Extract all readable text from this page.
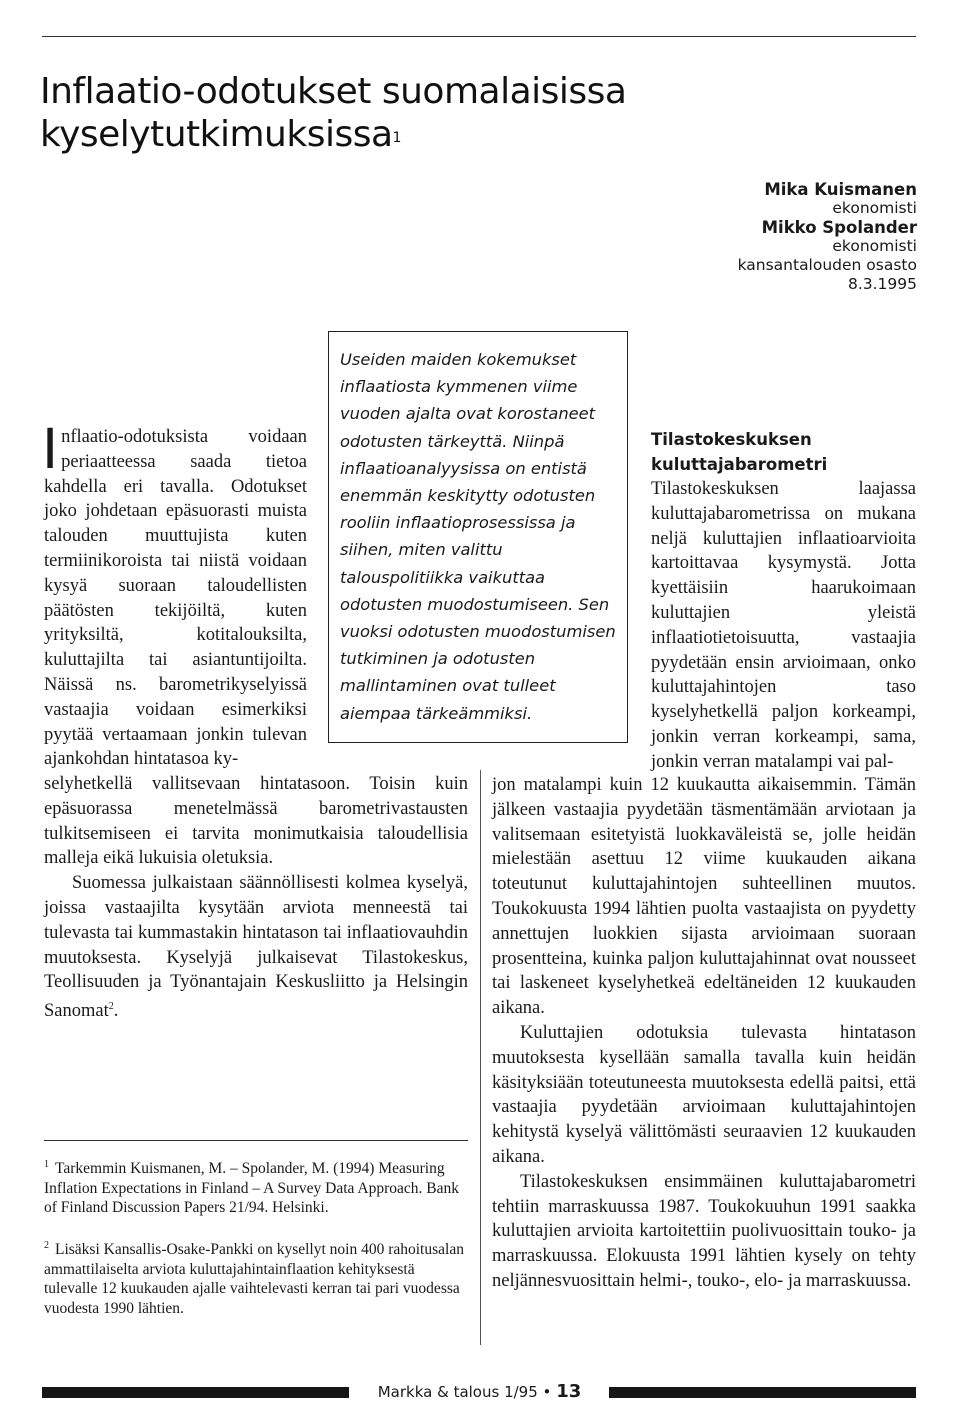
Inflaatio-odotukset suomalaisissa
kyselytutkimuksissa$^1$
Mika Kuismanen
ekonomisti
Mikko Spolander
ekonomisti
kansantalouden osasto
8.3.1995

I nflaatio-odotuksista voidaan periaatteessa saada tietoa kahdella eri tavalla. Odotukset joko johdetaan epäsuorasti muista talouden muuttujista kuten termiinikoroista tai niistä voidaan kysyä suoraan taloudellisten päätösten tekijöiltä, kuten yrityksiltä, kotitalouksilta, kuluttajilta tai asiantuntijoilta. Näissä ns. barometrikyselyissä vastaajia voidaan esimerkiksi pyytää vertaamaan jonkin tulevan ajankohdan hintatasoa ky-

selyhetkellä vallitsevaan hintatasoon. Toisin kuin epäsuorassa menetelmässä barometrivastausten tulkitsemiseen ei tarvita monimutkaisia taloudellisia malleja eikä lukuisia oletuksia.

Suomessa julkaistaan säännöllisesti kolmea kyselyä, joissa vastaajilta kysytään arviota menneestä tai tulevasta tai kummastakin hintatason tai inflaatiovauhdin muutoksesta. Kyselyjä julkaisevat Tilastokeskus, Teollisuuden ja Työnantajain Keskusliitto ja Helsingin Sanomat$^2$.

Useiden maiden kokemukset inflaatiosta kymmenen viime vuoden ajalta ovat korostaneet odotusten tärkeyttä. Niinpä inflaatioanalyysissa on entistä enemmän keskitytty odotusten rooliin inflaatioprosessissa ja siihen, miten valittu talouspolitiikka vaikuttaa odotusten muodostumiseen. Sen vuoksi odotusten muodostumisen tutkiminen ja odotusten mallintaminen ovat tulleet aiempaa tärkeämmiksi.

Tilastokeskuksen
kuluttajabarometri

Tilastokeskuksen laajassa kuluttajabarometrissa on mukana neljä kuluttajien inflaatioarvioita kartoittavaa kysymystä. Jotta kyettäisiin haarukoimaan kuluttajien yleistä inflaatiotietoisuutta, vastaajia pyydetään ensin arvioimaan, onko kuluttajahintojen taso kyselyhetkellä paljon korkeampi, jonkin verran korkeampi, sama, jonkin verran matalampi vai pal-

jon matalampi kuin 12 kuukautta aikaisemmin. Tämän jälkeen vastaajia pyydetään täsmentämään arviotaan ja valitsemaan esitetyistä luokkaväleistä se, jolle heidän mielestään asettuu 12 viime kuukauden aikana toteutunut kuluttajahintojen suhteellinen muutos. Toukokuusta 1994 lähtien puolta vastaajista on pyydetty annettujen luokkien sijasta arvioimaan suoraan prosentteina, kuinka paljon kuluttajahinnat ovat nousseet tai laskeneet kyselyhetkeä edeltäneiden 12 kuukauden aikana.

Kuluttajien odotuksia tulevasta hintatason muutoksesta kysellään samalla tavalla kuin heidän käsityksiään toteutuneesta muutoksesta edellä paitsi, että vastaajia pyydetään arvioimaan kuluttajahintojen kehitystä kyselyä välittömästi seuraavien 12 kuukauden aikana.

Tilastokeskuksen ensimmäinen kuluttajabarometri tehtiin marraskuussa 1987. Toukokuuhun 1991 saakka kuluttajien arvioita kartoitettiin puolivuosittain touko- ja marraskuussa. Elokuusta 1991 lähtien kysely on tehty neljännesvuosittain helmi-, touko-, elo- ja marraskuussa.

$^1$ Tarkemmin Kuismanen, M. – Spolander, M. (1994) Measuring Inflation Expectations in Finland – A Survey Data Approach. Bank of Finland Discussion Papers 21/94. Helsinki.

$^2$ Lisäksi Kansallis-Osake-Pankki on kysellyt noin 400 rahoitusalan ammattilaiselta arviota kuluttajahintainflaation kehityksestä tulevalle 12 kuukauden ajalle vaihtelevasti kerran tai pari vuodessa vuodesta 1990 lähtien.

Markka & talous 1/95 • 13
